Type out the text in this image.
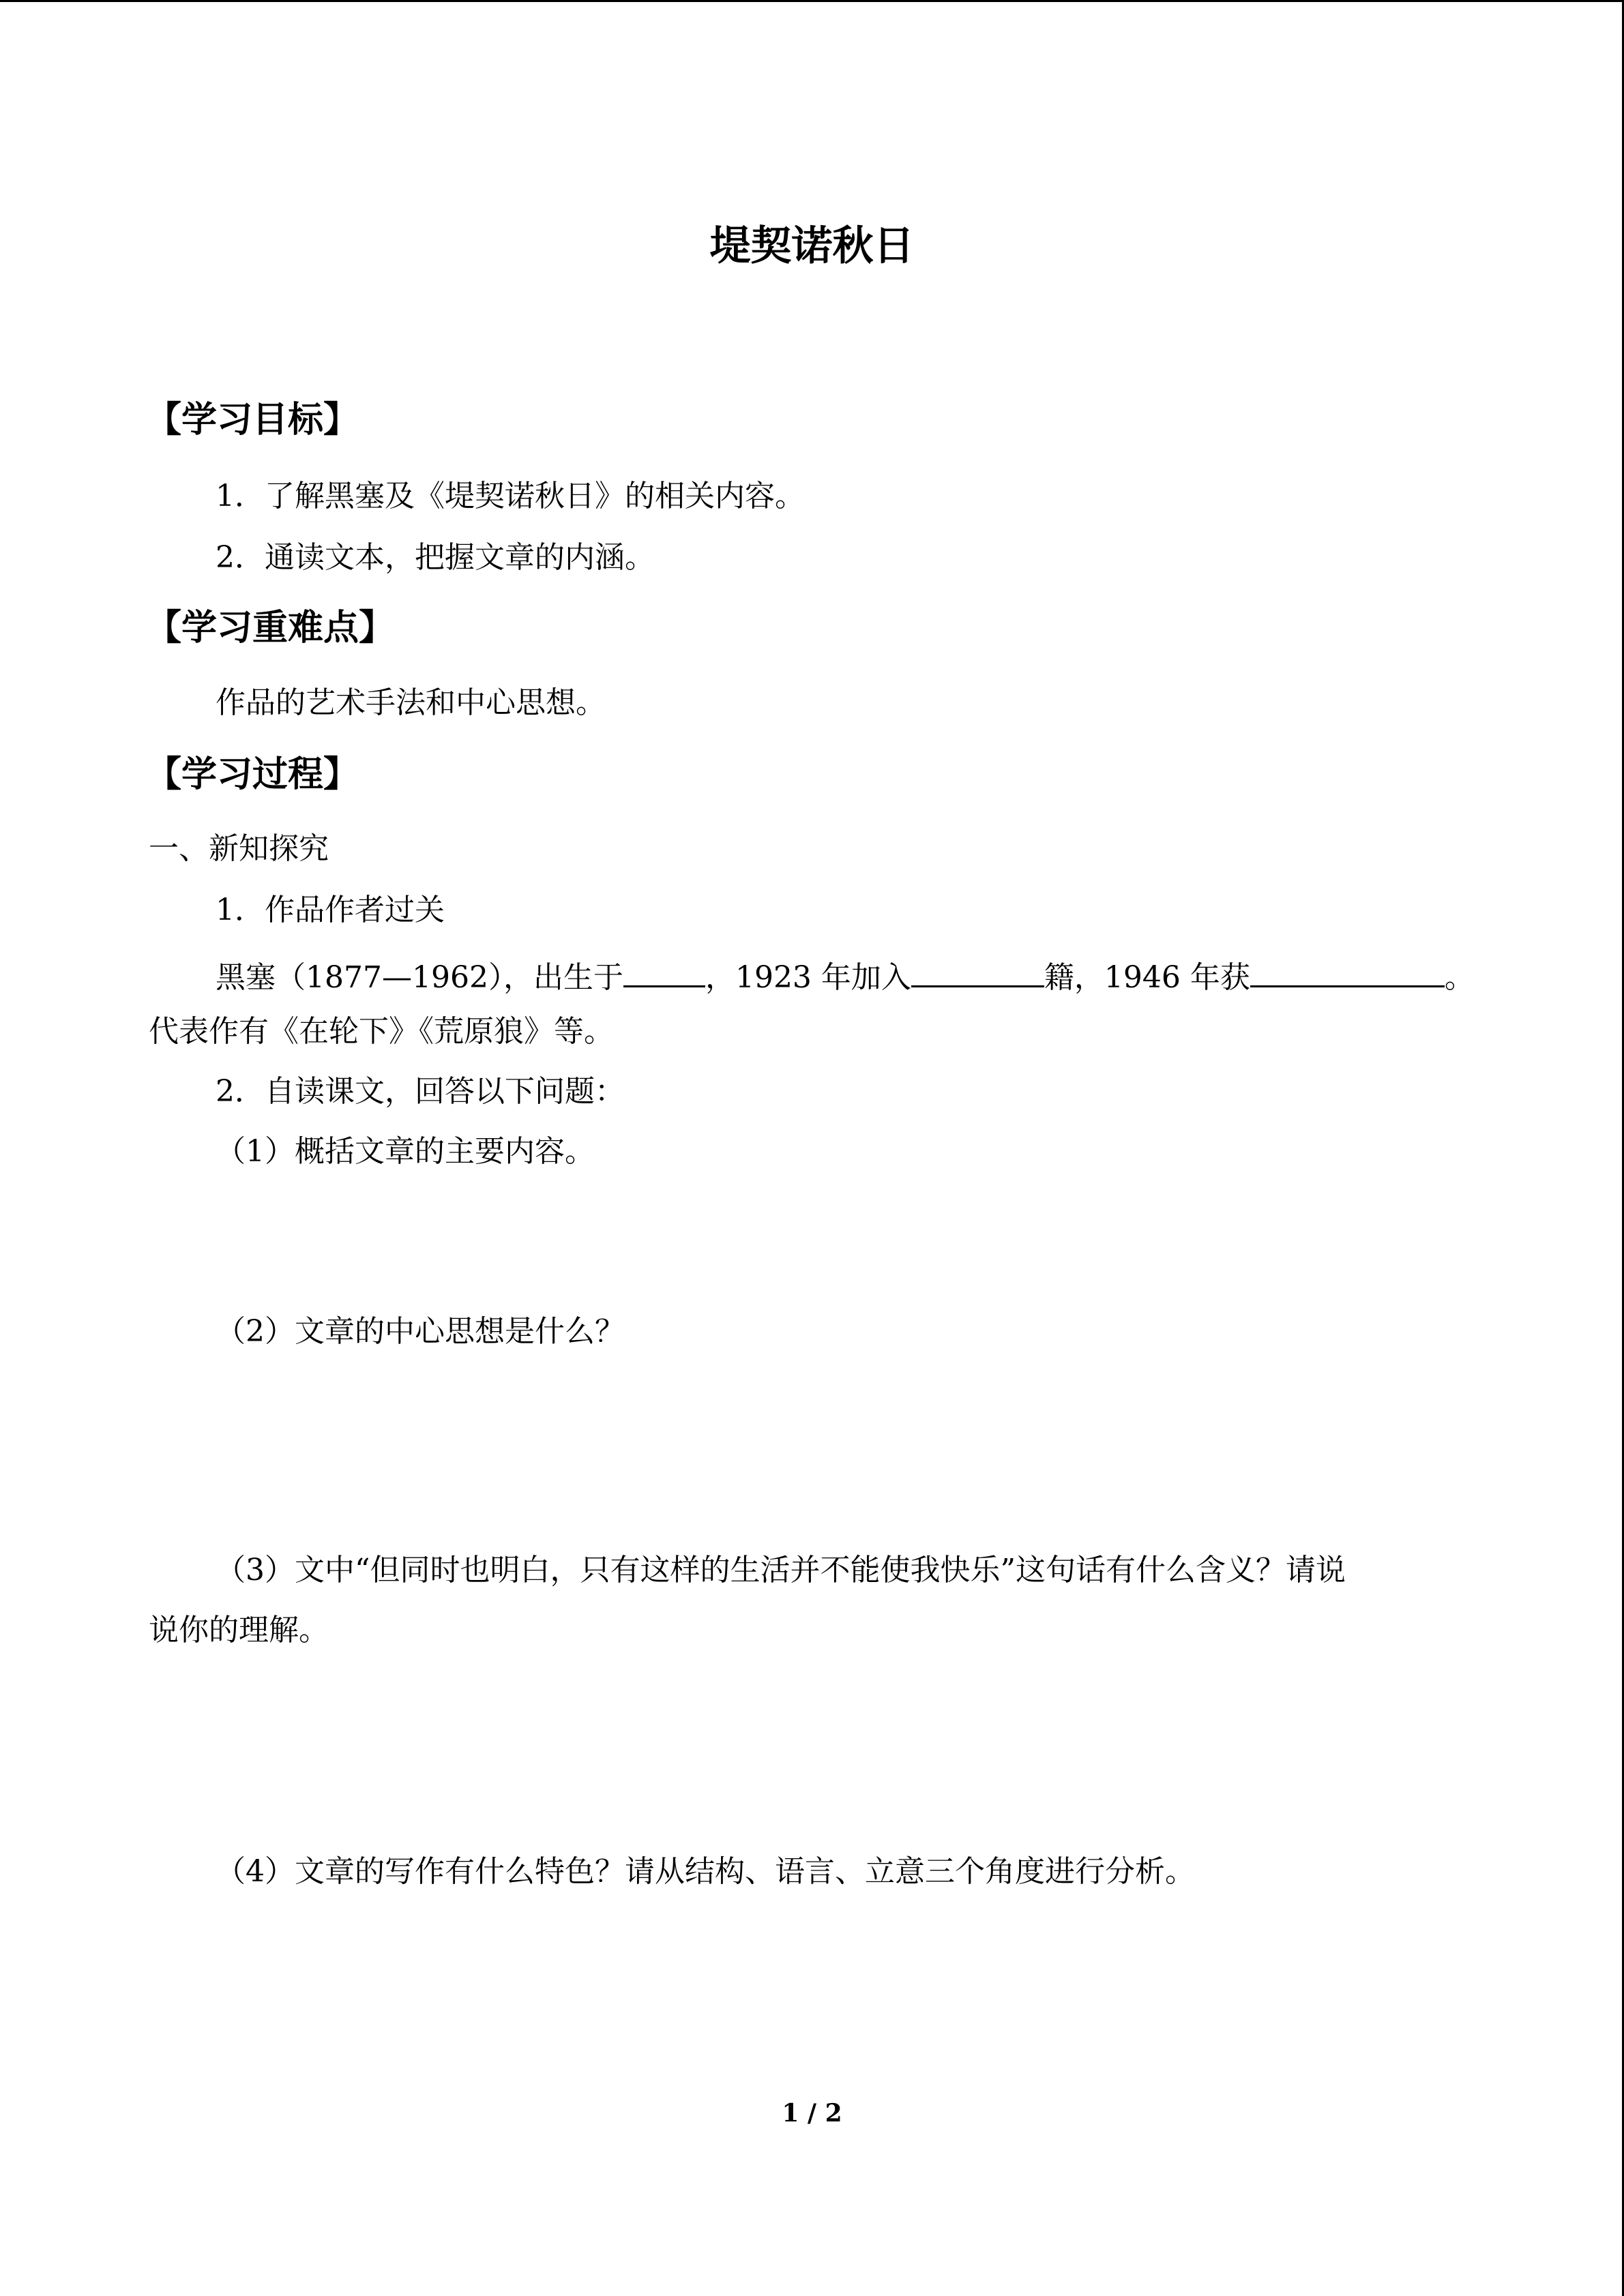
堤契诺秋日
【学习目标】
1．了解黑塞及《堤契诺秋日》的相关内容。
2．通读文本，把握文章的内涵。
【学习重难点】
作品的艺术手法和中心思想。
【学习过程】
一、新知探究
1．作品作者过关
黑塞（1877—1962），出生于	，1923 年加入	籍，1946 年获	。
代表作有《在轮下》《荒原狼》等。
2．自读课文，回答以下问题：
（1）概括文章的主要内容。
（2）文章的中心思想是什么？
（3）文中“但同时也明白，只有这样的生活并不能使我快乐”这句话有什么含义？请说
说你的理解。
（4）文章的写作有什么特色？请从结构、语言、立意三个角度进行分析。
1 / 2
